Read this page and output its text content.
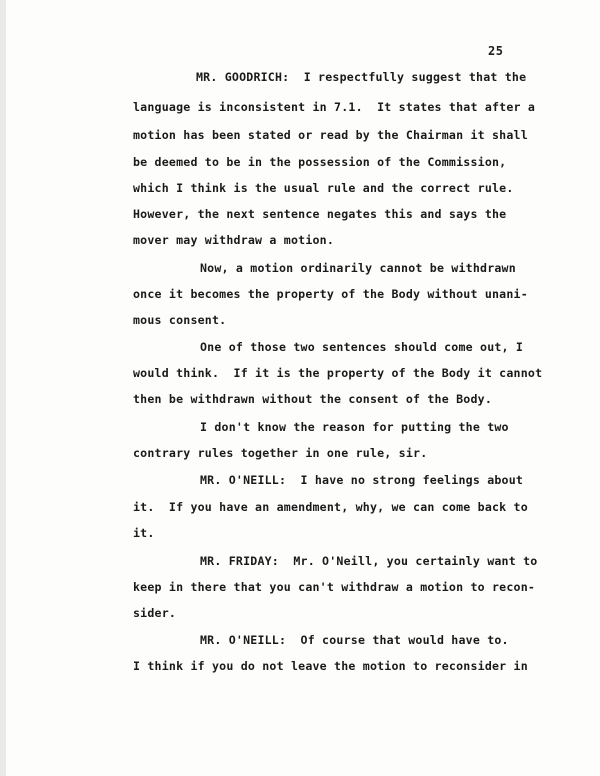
25
MR. GOODRICH:  I respectfully suggest that the
language is inconsistent in 7.1.  It states that after a
motion has been stated or read by the Chairman it shall
be deemed to be in the possession of the Commission,
which I think is the usual rule and the correct rule.
However, the next sentence negates this and says the
mover may withdraw a motion.
Now, a motion ordinarily cannot be withdrawn
once it becomes the property of the Body without unani-
mous consent.
One of those two sentences should come out, I
would think.  If it is the property of the Body it cannot
then be withdrawn without the consent of the Body.
I don't know the reason for putting the two
contrary rules together in one rule, sir.
MR. O'NEILL:  I have no strong feelings about
it.  If you have an amendment, why, we can come back to
it.
MR. FRIDAY:  Mr. O'Neill, you certainly want to
keep in there that you can't withdraw a motion to recon-
sider.
MR. O'NEILL:  Of course that would have to.
I think if you do not leave the motion to reconsider in
